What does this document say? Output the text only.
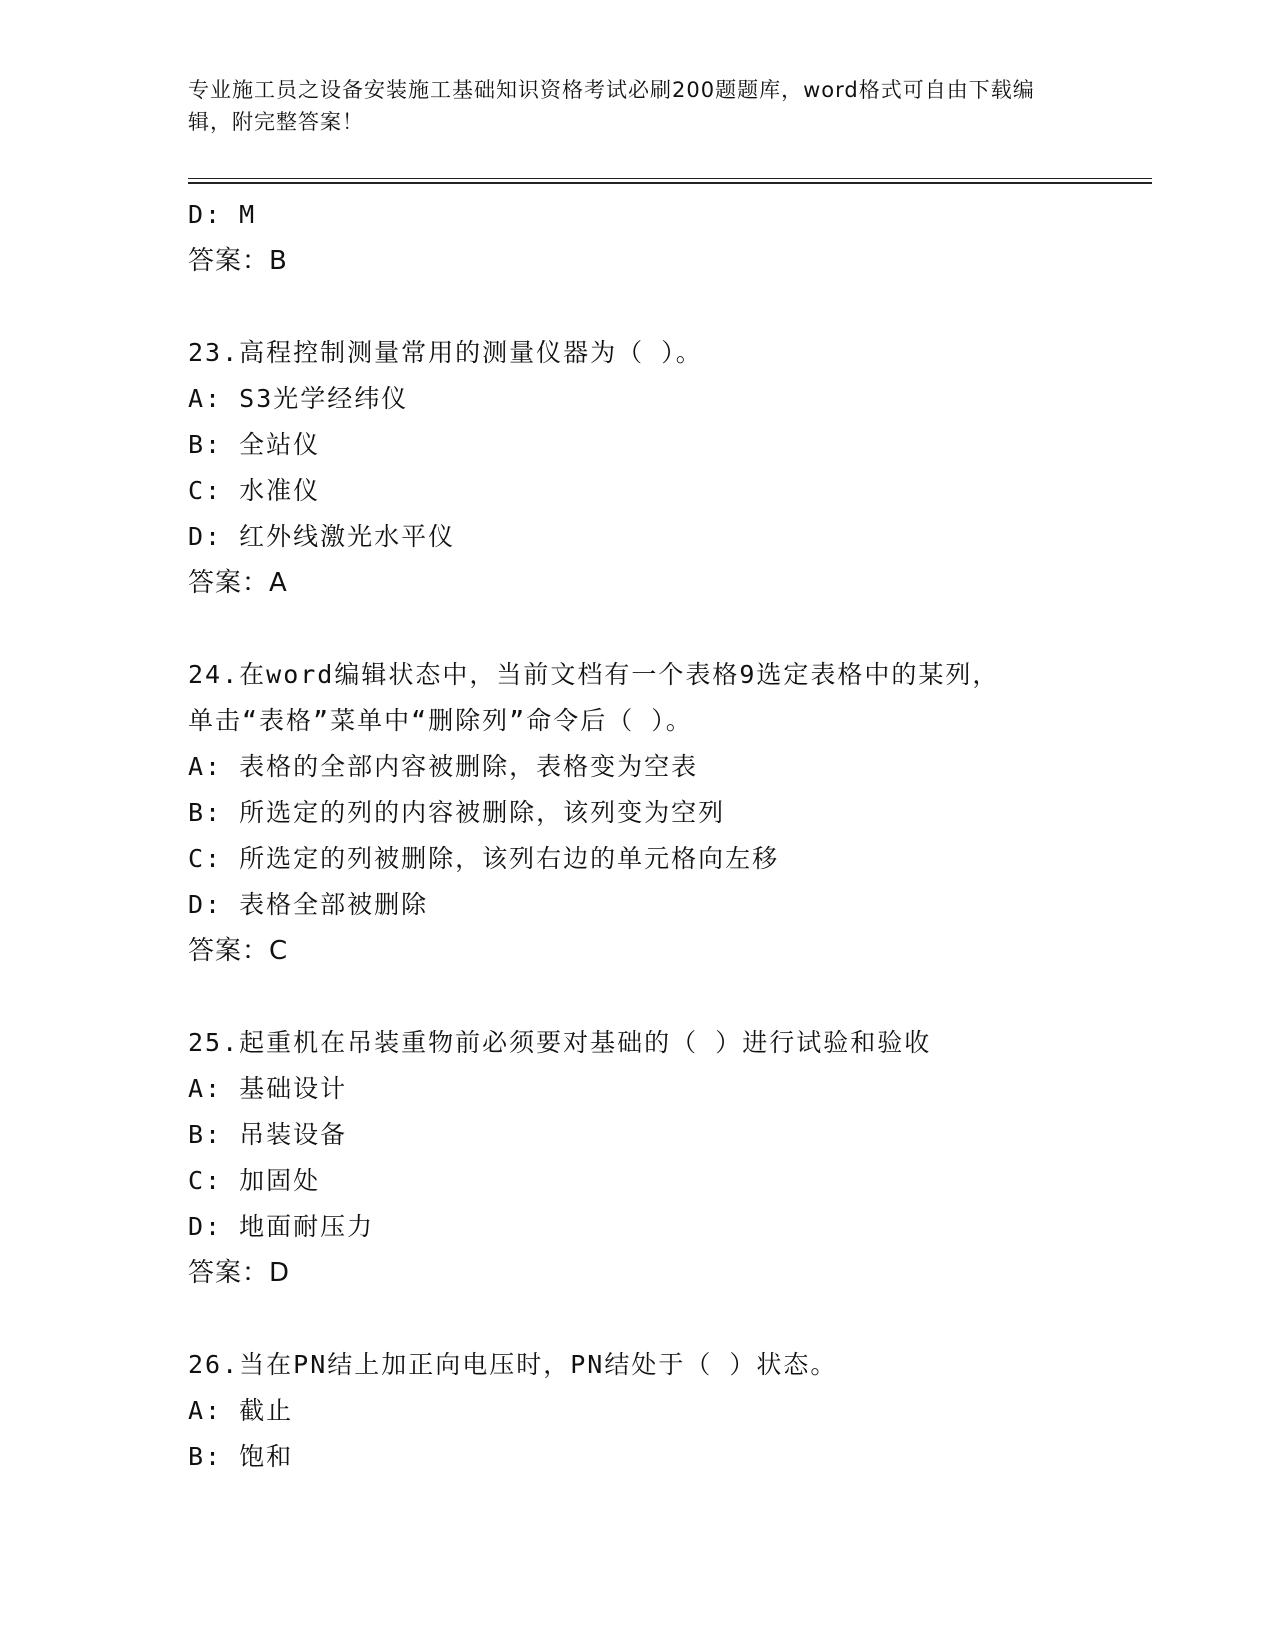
专业施工员之设备安装施工基础知识资格考试必刷200题题库，word格式可自由下载编辑，附完整答案！
D: M
答案：B
23.高程控制测量常用的测量仪器为（ ）。
A: S3光学经纬仪
B: 全站仪
C: 水准仪
D: 红外线激光水平仪
答案：A
24.在word编辑状态中，当前文档有一个表格9选定表格中的某列，
单击“表格”菜单中“删除列”命令后（ ）。
A: 表格的全部内容被删除，表格变为空表
B: 所选定的列的内容被删除，该列变为空列
C: 所选定的列被删除，该列右边的单元格向左移
D: 表格全部被删除
答案：C
25.起重机在吊装重物前必须要对基础的（ ）进行试验和验收
A: 基础设计
B: 吊装设备
C: 加固处
D: 地面耐压力
答案：D
26.当在PN结上加正向电压时，PN结处于（ ）状态。
A: 截止
B: 饱和
